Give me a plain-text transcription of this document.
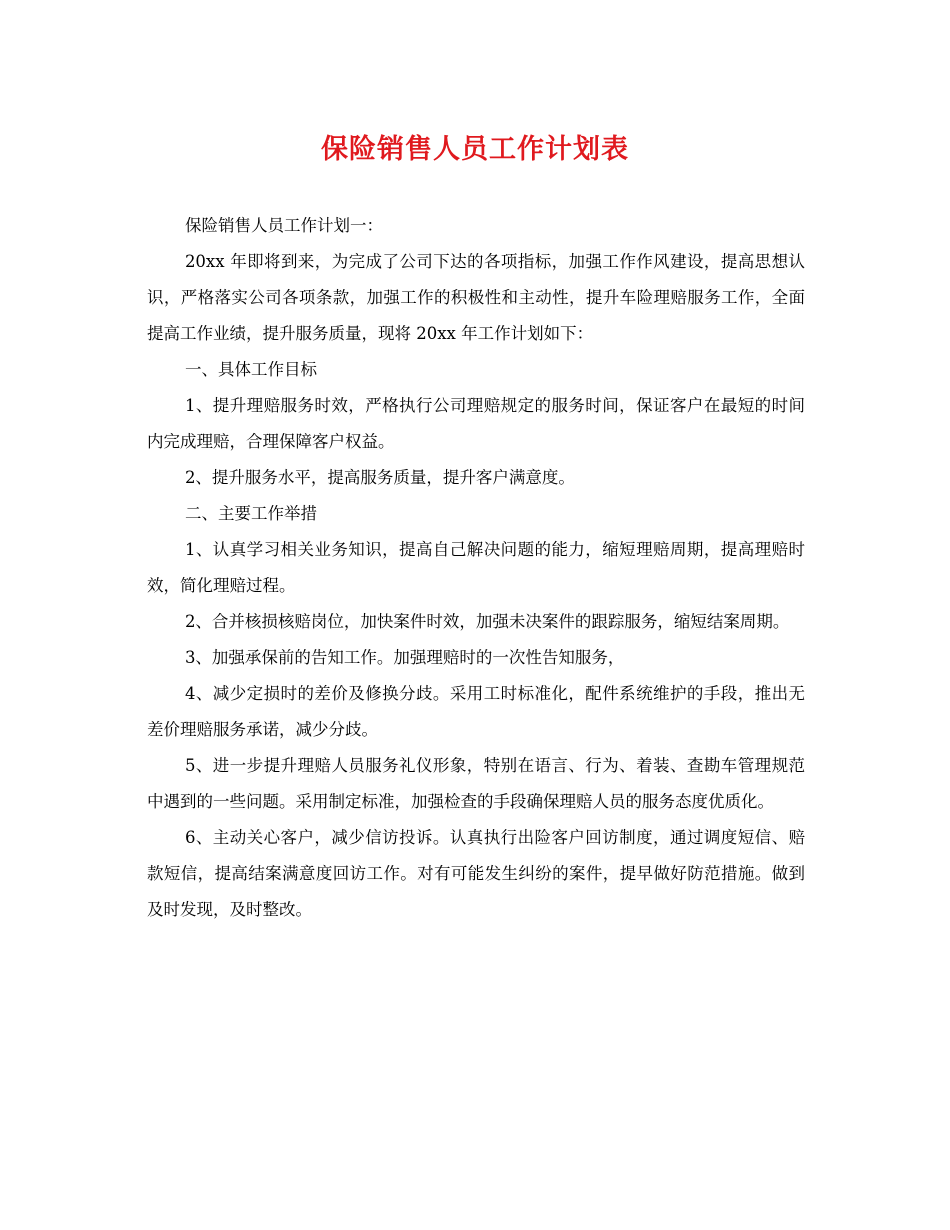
保险销售人员工作计划表

保险销售人员工作计划一：

20xx 年即将到来，为完成了公司下达的各项指标，加强工作作风建设，提高思想认识，严格落实公司各项条款，加强工作的积极性和主动性，提升车险理赔服务工作，全面提高工作业绩，提升服务质量，现将 20xx 年工作计划如下：

一、具体工作目标

1、提升理赔服务时效，严格执行公司理赔规定的服务时间，保证客户在最短的时间内完成理赔，合理保障客户权益。

2、提升服务水平，提高服务质量，提升客户满意度。

二、主要工作举措

1、认真学习相关业务知识，提高自己解决问题的能力，缩短理赔周期，提高理赔时效，简化理赔过程。

2、合并核损核赔岗位，加快案件时效，加强未决案件的跟踪服务，缩短结案周期。

3、加强承保前的告知工作。加强理赔时的一次性告知服务，

4、减少定损时的差价及修换分歧。采用工时标准化，配件系统维护的手段，推出无差价理赔服务承诺，减少分歧。

5、进一步提升理赔人员服务礼仪形象，特别在语言、行为、着装、查勘车管理规范中遇到的一些问题。采用制定标准，加强检查的手段确保理赔人员的服务态度优质化。

6、主动关心客户，减少信访投诉。认真执行出险客户回访制度，通过调度短信、赔款短信，提高结案满意度回访工作。对有可能发生纠纷的案件，提早做好防范措施。做到及时发现，及时整改。
